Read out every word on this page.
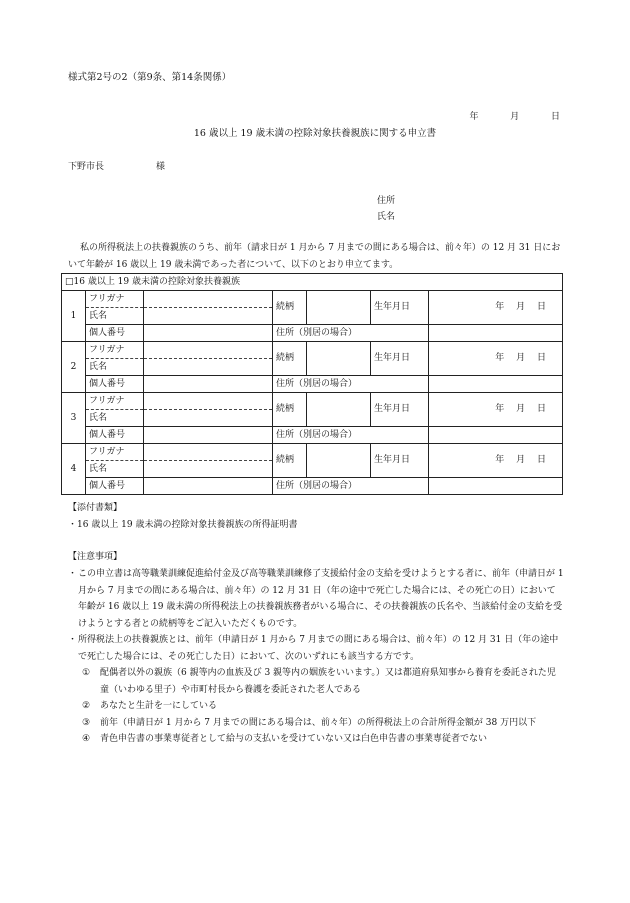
様式第2号の2（第9条、第14条関係）
年	月	日
16 歳以上 19 歳未満の控除対象扶養親族に関する申立書
下野市長	様
住所
氏名
私の所得税法上の扶養親族のうち、前年（請求日が 1 月から 7 月までの間にある場合は、前々年）の 12 月 31 日において年齢が 16 歳以上 19 歳未満であった者について、以下のとおり申立てます。
□16 歳以上 19 歳未満の控除対象扶養親族						
1	フリガナ		続柄		生年月日	年　 月　 日
	氏名					
	個人番号		住所（別居の場合）			
2	フリガナ		続柄		生年月日	年　 月　 日
	氏名					
	個人番号		住所（別居の場合）			
3	フリガナ		続柄		生年月日	年　 月　 日
	氏名					
	個人番号		住所（別居の場合）			
4	フリガナ		続柄		生年月日	年　 月　 日
	氏名					
	個人番号		住所（別居の場合）			
【添付書類】
・16 歳以上 19 歳未満の控除対象扶養親族の所得証明書
【注意事項】
・ この申立書は高等職業訓練促進給付金及び高等職業訓練修了支援給付金の支給を受けようとする者に、前年（申請日が 1 月から 7 月までの間にある場合は、前々年）の 12 月 31 日（年の途中で死亡した場合には、その死亡の日）において年齢が 16 歳以上 19 歳未満の所得税法上の扶養親族務者がいる場合に、その扶養親族の氏名や、当該給付金の支給を受けようとする者との続柄等をご記入いただくものです。
・ 所得税法上の扶養親族とは、前年（申請日が 1 月から 7 月までの間にある場合は、前々年）の 12 月 31 日（年の途中で死亡した場合には、その死亡した日）において、次のいずれにも該当する方です。
① 配偶者以外の親族（6 親等内の血族及び 3 親等内の姻族をいいます。）又は都道府県知事から養育を委託された児童（いわゆる里子）や市町村長から養護を委託された老人である
② あなたと生計を一にしている
③ 前年（申請日が 1 月から 7 月までの間にある場合は、前々年）の所得税法上の合計所得金額が 38 万円以下
④ 青色申告書の事業専従者として給与の支払いを受けていない又は白色申告書の事業専従者でない
